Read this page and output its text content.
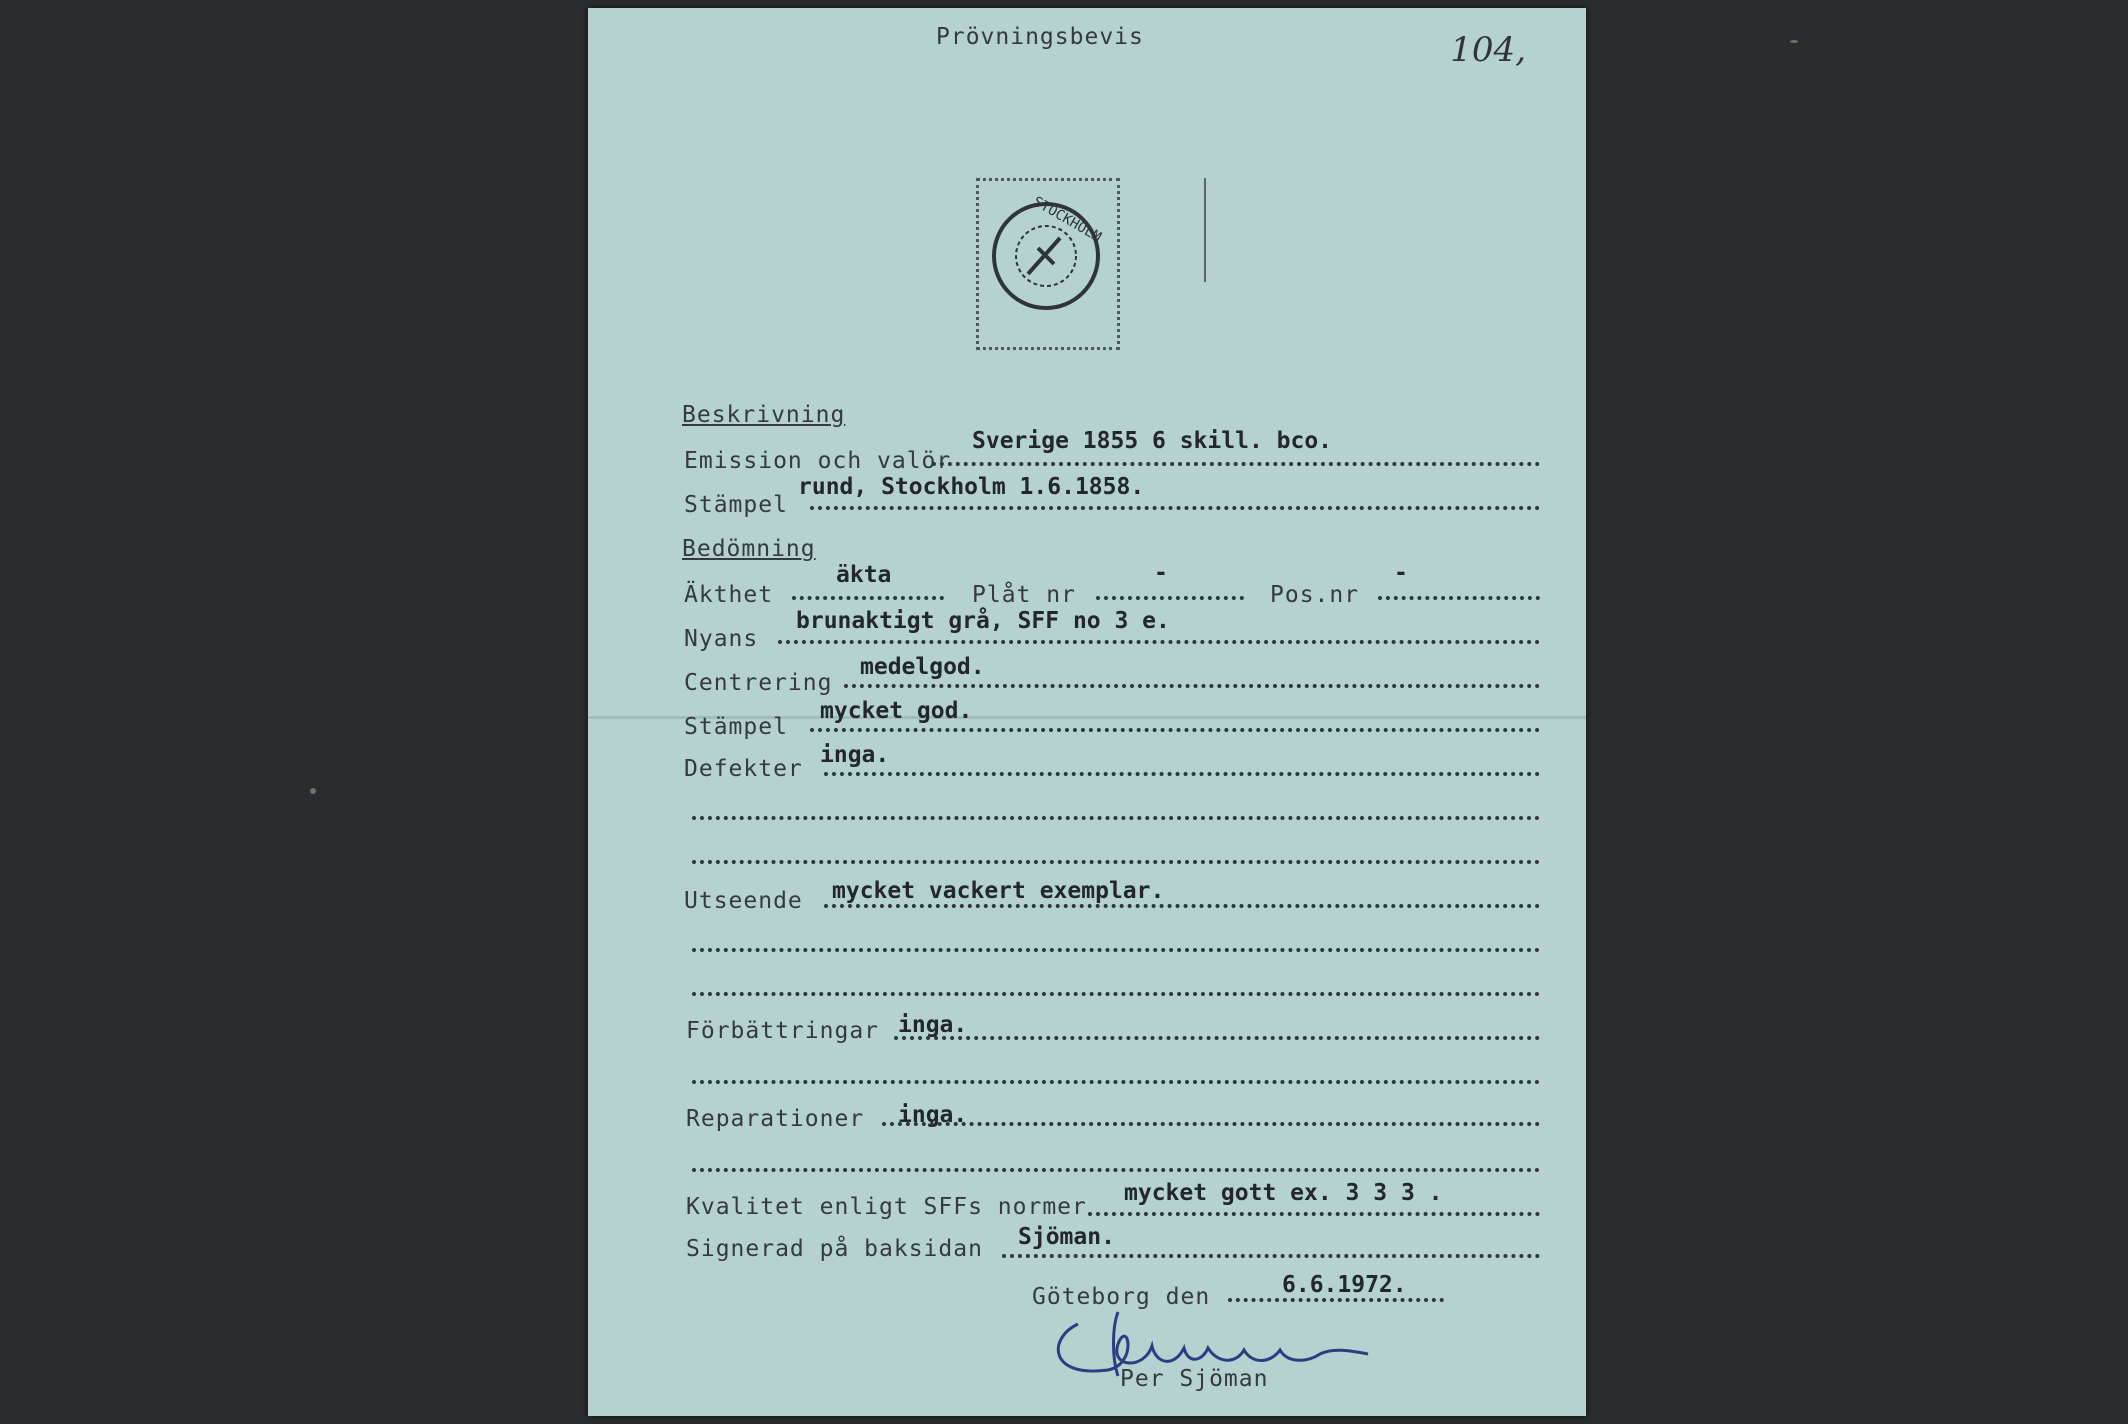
Prövningsbevis	104,
STOCKHOLM
Beskrivning
Emission och valör
Sverige 1855 6 skill. bco.
Stämpel
rund, Stockholm 1.6.1858.
Bedömning
Äkthet
äkta
Plåt nr
-
Pos.nr
-
Nyans
brunaktigt grå, SFF no 3 e.
Centrering
medelgod.
Stämpel
mycket god.
Defekter
inga.
Utseende mycket vackert exemplar.
Förbättringar inga.
Reparationer inga.
Kvalitet enligt SFFs normer
mycket gott ex. 3 3 3 .
Signerad på baksidan Sjöman.
Göteborg den	6.6.1972.
Per Sjöman
